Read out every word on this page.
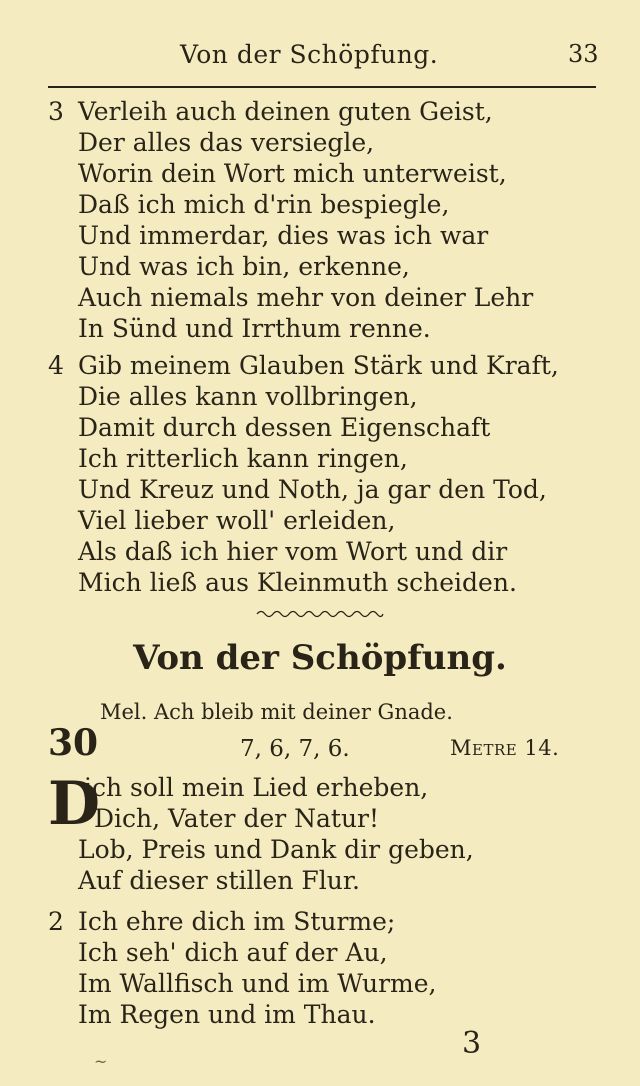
Von der Schöpfung.	33
3 Verleih auch deinen guten Geist,
Der alles das versiegle,
Worin dein Wort mich unterweist,
Daß ich mich d'rin bespiegle,
Und immerdar, dies was ich war
Und was ich bin, erkenne,
Auch niemals mehr von deiner Lehr
In Sünd und Irrthum renne.
4 Gib meinem Glauben Stärk und Kraft,
Die alles kann vollbringen,
Damit durch dessen Eigenschaft
Ich ritterlich kann ringen,
Und Kreuz und Noth, ja gar den Tod,
Viel lieber woll' erleiden,
Als daß ich hier vom Wort und dir
Mich ließ aus Kleinmuth scheiden.
Von der Schöpfung.
Mel. Ach bleib mit deiner Gnade.
30	7, 6, 7, 6.	Metre 14.
D
ich soll mein Lied erheben,
Dich, Vater der Natur!
Lob, Preis und Dank dir geben,
Auf dieser stillen Flur.
2 Ich ehre dich im Sturme;
Ich seh' dich auf der Au,
Im Wallfisch und im Wurme,
Im Regen und im Thau.
~
3
